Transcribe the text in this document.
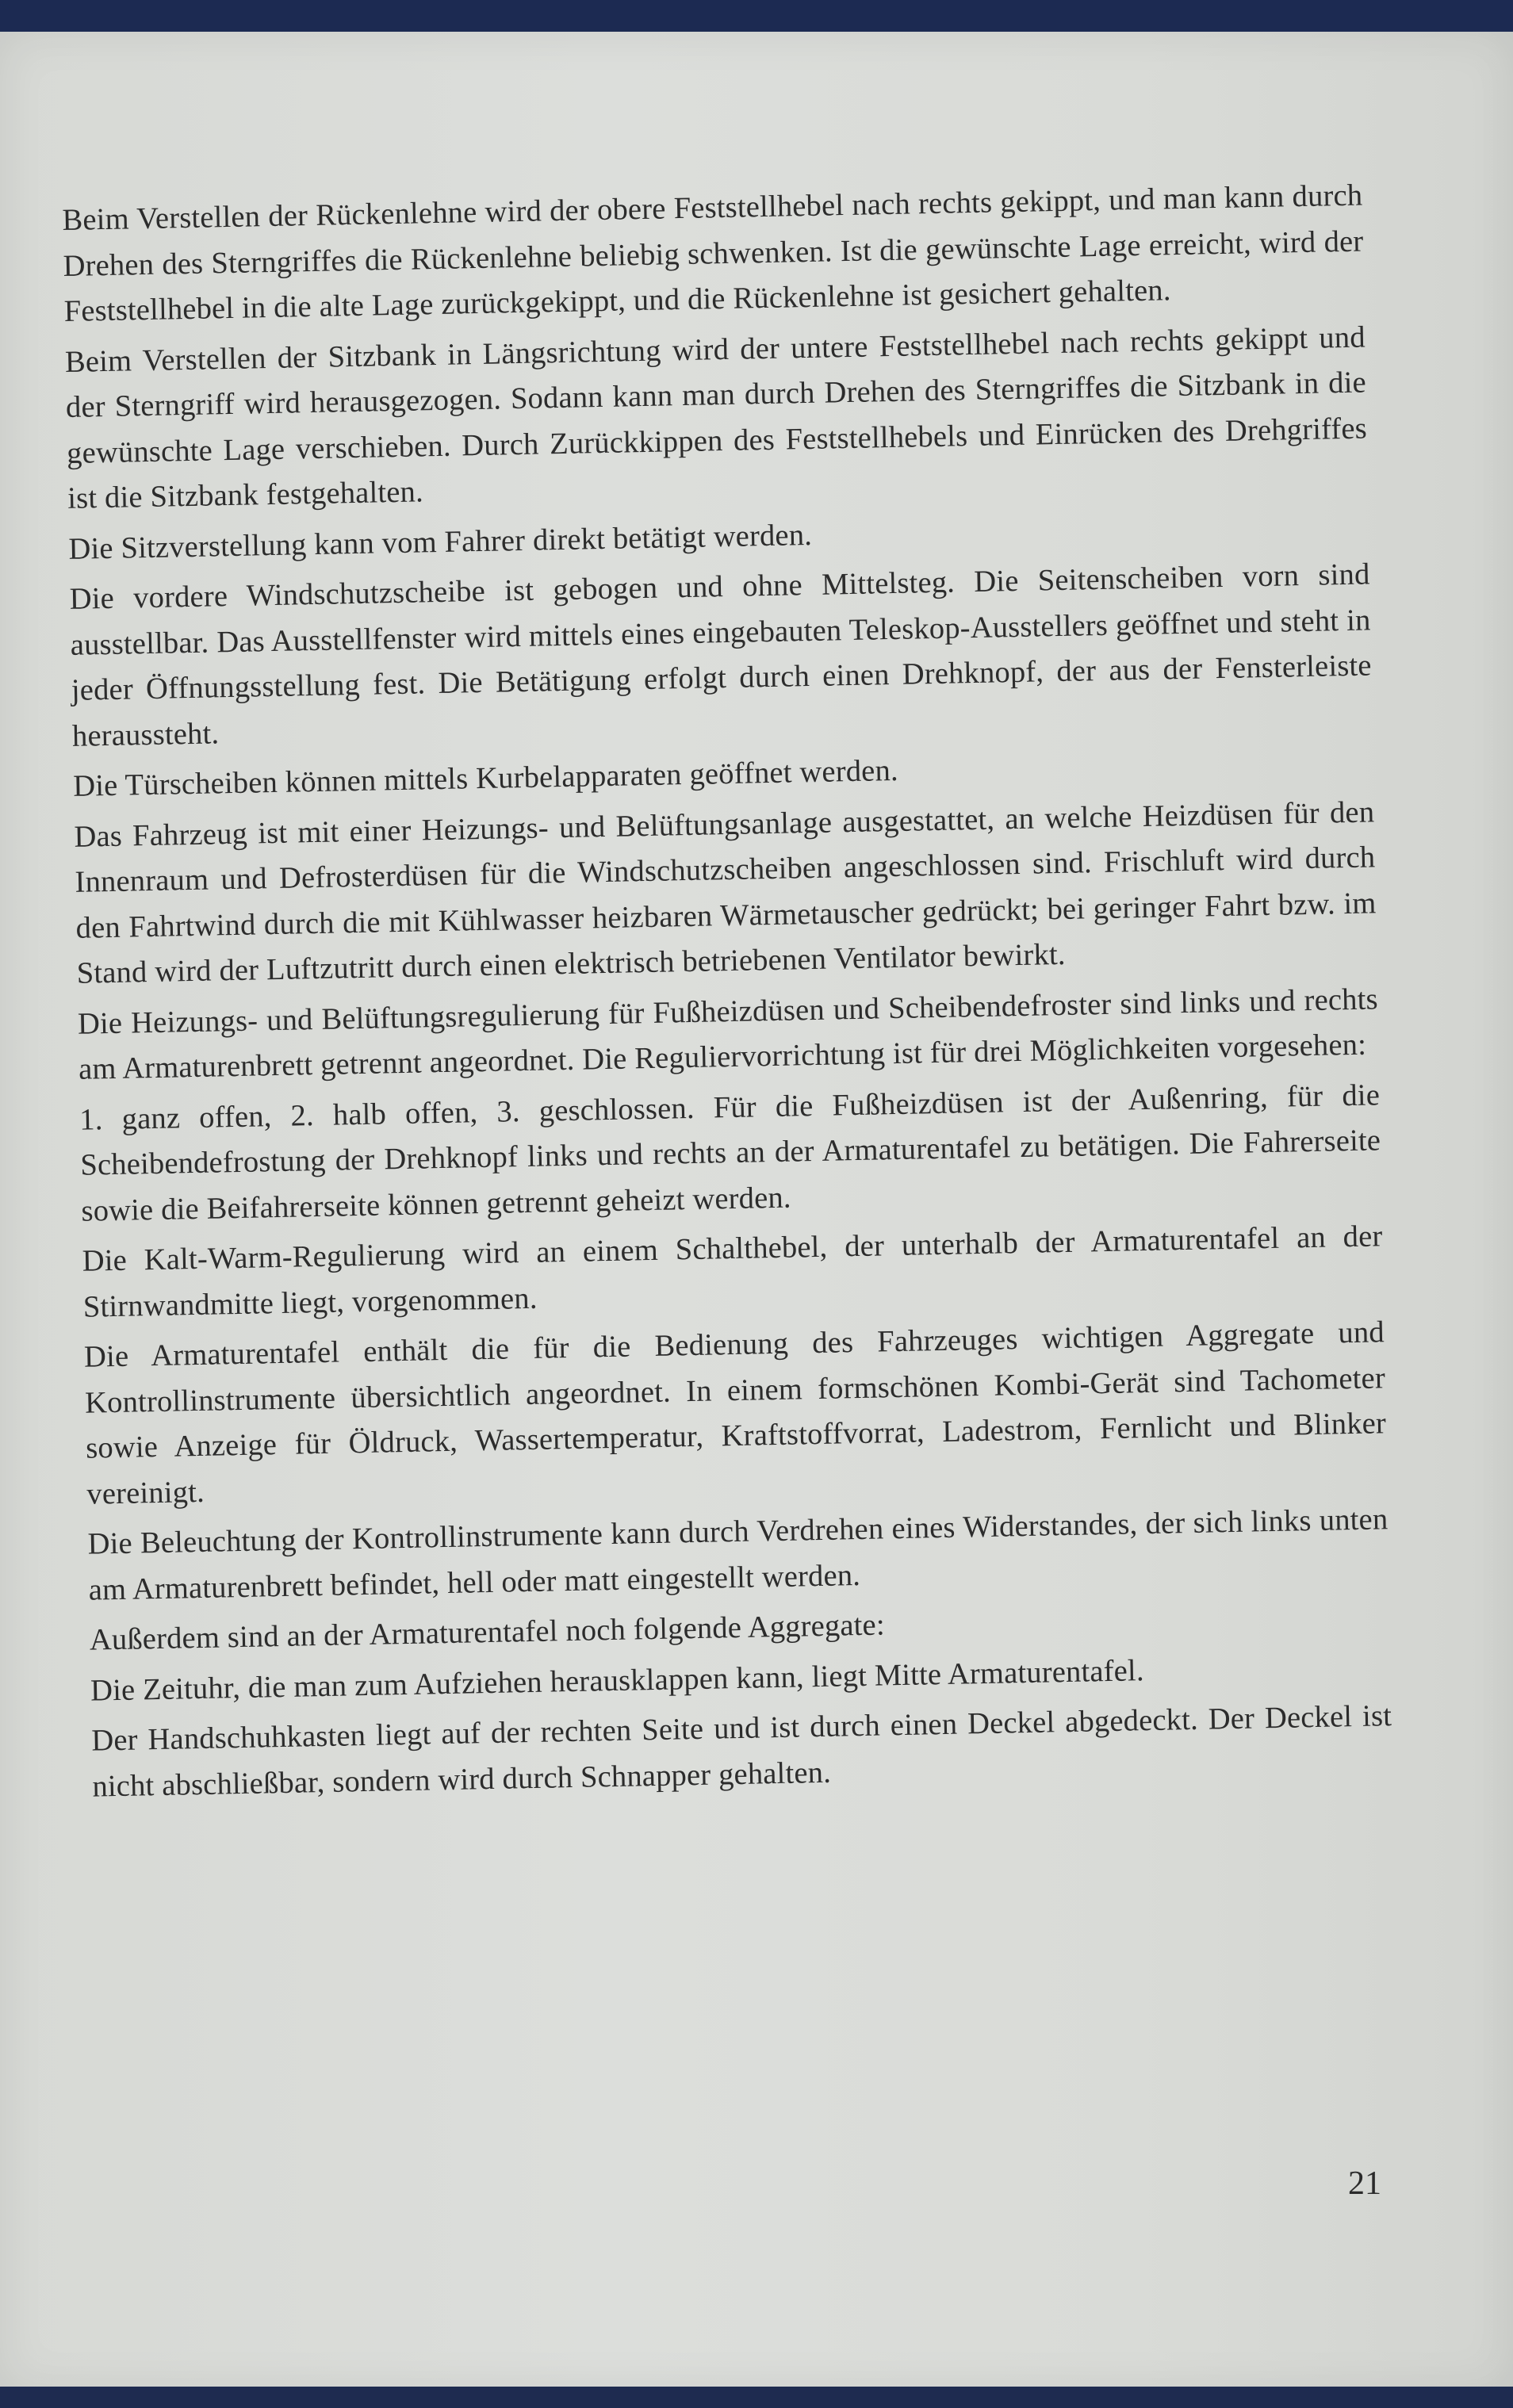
Beim Verstellen der Rückenlehne wird der obere Feststellhebel nach rechts gekippt, und man kann durch Drehen des Sterngriffes die Rückenlehne beliebig schwenken. Ist die gewünschte Lage erreicht, wird der Feststellhebel in die alte Lage zurückgekippt, und die Rückenlehne ist gesichert gehalten.

Beim Verstellen der Sitzbank in Längsrichtung wird der untere Feststellhebel nach rechts gekippt und der Sterngriff wird herausgezogen. Sodann kann man durch Drehen des Sterngriffes die Sitzbank in die gewünschte Lage verschieben. Durch Zurückkippen des Feststellhebels und Einrücken des Drehgriffes ist die Sitzbank festgehalten.

Die Sitzverstellung kann vom Fahrer direkt betätigt werden.

Die vordere Windschutzscheibe ist gebogen und ohne Mittelsteg. Die Seitenscheiben vorn sind ausstellbar. Das Ausstellfenster wird mittels eines eingebauten Teleskop-Ausstellers geöffnet und steht in jeder Öffnungsstellung fest. Die Betätigung erfolgt durch einen Drehknopf, der aus der Fensterleiste heraussteht.

Die Türscheiben können mittels Kurbelapparaten geöffnet werden.

Das Fahrzeug ist mit einer Heizungs- und Belüftungsanlage ausgestattet, an welche Heizdüsen für den Innenraum und Defrosterdüsen für die Windschutzscheiben angeschlossen sind. Frischluft wird durch den Fahrtwind durch die mit Kühlwasser heizbaren Wärmetauscher gedrückt; bei geringer Fahrt bzw. im Stand wird der Luftzutritt durch einen elektrisch betriebenen Ventilator bewirkt.

Die Heizungs- und Belüftungsregulierung für Fußheizdüsen und Scheibendefroster sind links und rechts am Armaturenbrett getrennt angeordnet. Die Reguliervorrichtung ist für drei Möglichkeiten vorgesehen:

1. ganz offen, 2. halb offen, 3. geschlossen. Für die Fußheizdüsen ist der Außenring, für die Scheibendefrostung der Drehknopf links und rechts an der Armaturentafel zu betätigen. Die Fahrerseite sowie die Beifahrerseite können getrennt geheizt werden.

Die Kalt-Warm-Regulierung wird an einem Schalthebel, der unterhalb der Armaturentafel an der Stirnwandmitte liegt, vorgenommen.

Die Armaturentafel enthält die für die Bedienung des Fahrzeuges wichtigen Aggregate und Kontrollinstrumente übersichtlich angeordnet. In einem formschönen Kombi-Gerät sind Tachometer sowie Anzeige für Öldruck, Wassertemperatur, Kraftstoffvorrat, Ladestrom, Fernlicht und Blinker vereinigt.

Die Beleuchtung der Kontrollinstrumente kann durch Verdrehen eines Widerstandes, der sich links unten am Armaturenbrett befindet, hell oder matt eingestellt werden.

Außerdem sind an der Armaturentafel noch folgende Aggregate:

Die Zeituhr, die man zum Aufziehen herausklappen kann, liegt Mitte Armaturentafel.

Der Handschuhkasten liegt auf der rechten Seite und ist durch einen Deckel abgedeckt. Der Deckel ist nicht abschließbar, sondern wird durch Schnapper gehalten.

21
